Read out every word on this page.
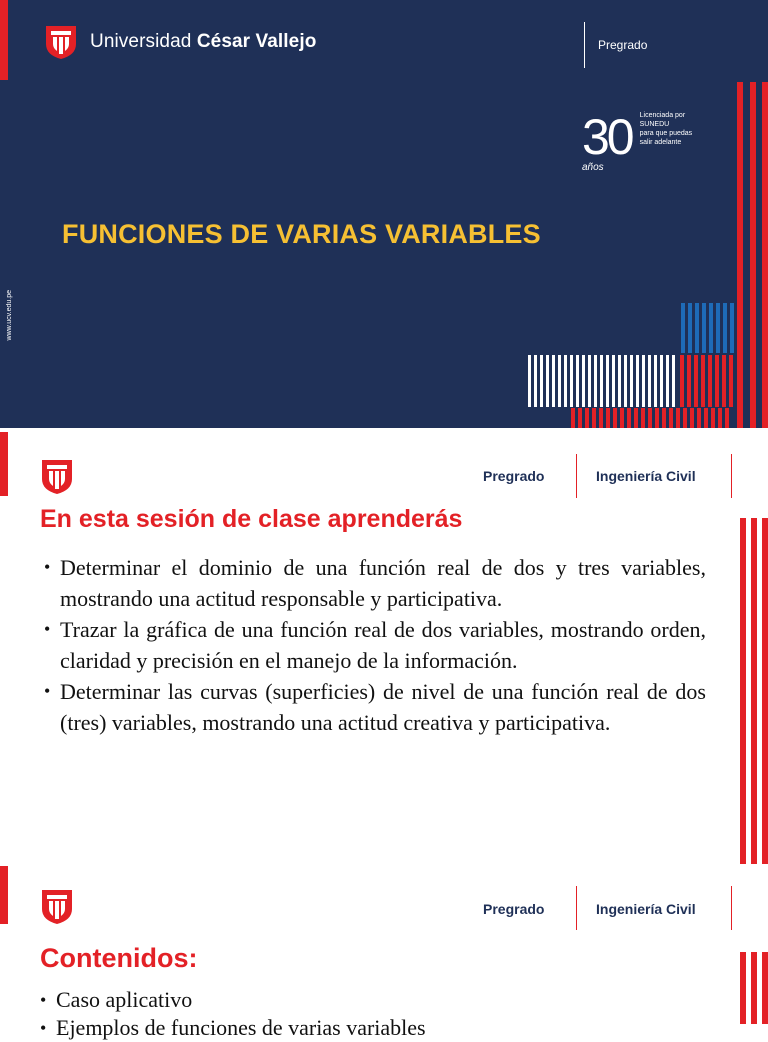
Universidad César Vallejo	Pregrado
30 Licenciada por
SUNEDU
para que puedas
salir adelante
años
FUNCIONES DE VARIAS VARIABLES
www.ucv.edu.pe
Pregrado	Ingeniería Civil
En esta sesión de clase aprenderás
• Determinar el dominio de una función real de dos y tres variables, mostrando una actitud responsable y participativa.
• Trazar la gráfica de una función real de dos variables, mostrando orden, claridad y precisión en el manejo de la información.
• Determinar las curvas (superficies) de nivel de una función real de dos (tres) variables, mostrando una actitud creativa y participativa.
Pregrado	Ingeniería Civil
Contenidos:
• Caso aplicativo
• Ejemplos de funciones de varias variables
